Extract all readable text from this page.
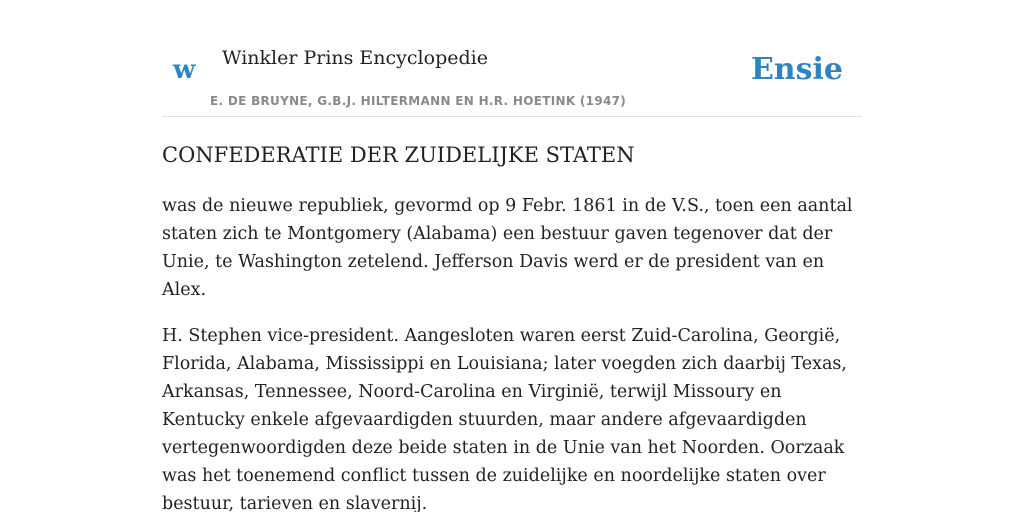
w Winkler Prins Encyclopedie
E. DE BRUYNE, G.B.J. HILTERMANN EN H.R. HOETINK (1947)
Ensie
CONFEDERATIE DER ZUIDELIJKE STATEN

was de nieuwe republiek, gevormd op 9 Febr. 1861 in de V.S., toen een aantal staten zich te Montgomery (Alabama) een bestuur gaven tegenover dat der Unie, te Washington zetelend. Jefferson Davis werd er de president van en Alex.

H. Stephen vice-president. Aangesloten waren eerst Zuid-Carolina, Georgië, Florida, Alabama, Mississippi en Louisiana; later voegden zich daarbij Texas, Arkansas, Tennessee, Noord-Carolina en Virginië, terwijl Missoury en Kentucky enkele afgevaardigden stuurden, maar andere afgevaardigden vertegenwoordigden deze beide staten in de Unie van het Noorden. Oorzaak was het toenemend conflict tussen de zuidelijke en noordelijke staten over bestuur, tarieven en slavernij.
